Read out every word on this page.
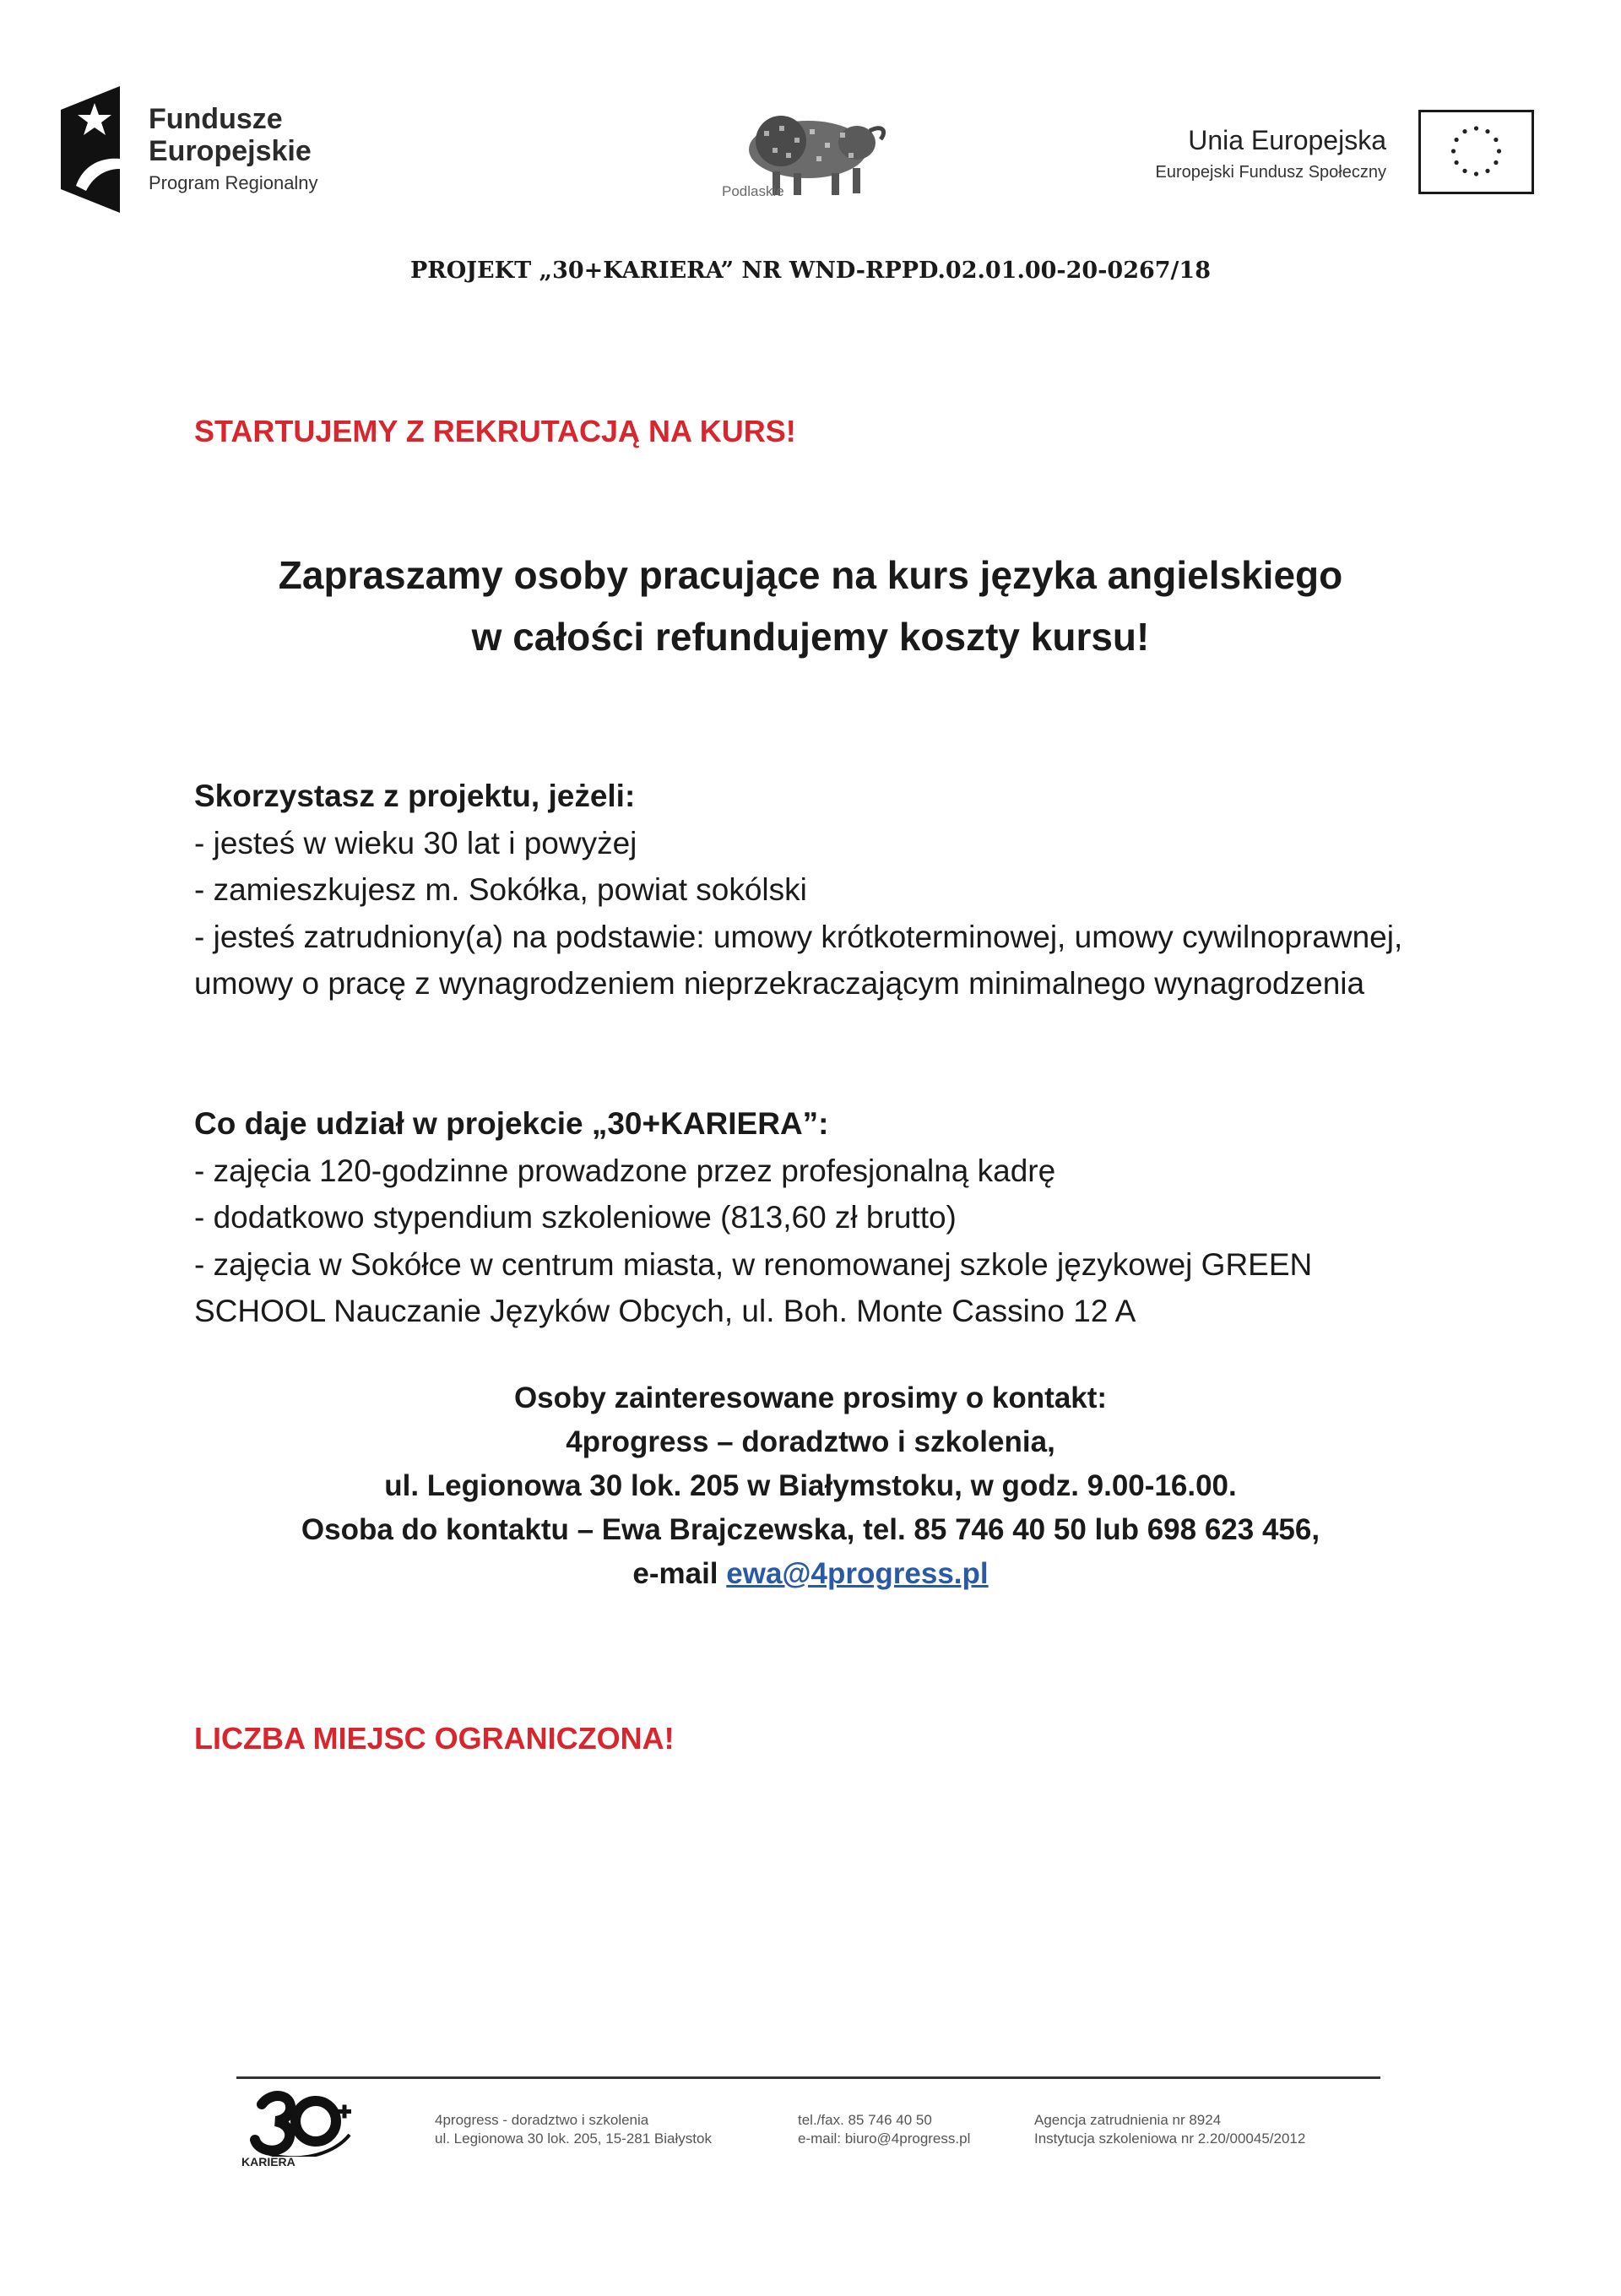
Fundusze
Europejskie
Program Regionalny	Podlaskie
Unia Europejska
Europejski Fundusz Społeczny
PROJEKT „30+KARIERA” NR WND-RPPD.02.01.00-20-0267/18
STARTUJEMY Z REKRUTACJĄ NA KURS!
Zapraszamy osoby pracujące na kurs języka angielskiego
w całości refundujemy koszty kursu!
Skorzystasz z projektu, jeżeli:

- jesteś w wieku 30 lat i powyżej

- zamieszkujesz m. Sokółka, powiat sokólski

- jesteś zatrudniony(a) na podstawie: umowy krótkoterminowej, umowy cywilnoprawnej, umowy o pracę z wynagrodzeniem nieprzekraczającym minimalnego wynagrodzenia

Co daje udział w projekcie „30+KARIERA”:

- zajęcia 120-godzinne prowadzone przez profesjonalną kadrę

- dodatkowo stypendium szkoleniowe (813,60 zł brutto)

- zajęcia w Sokółce w centrum miasta, w renomowanej szkole językowej GREEN SCHOOL Nauczanie Języków Obcych, ul. Boh. Monte Cassino 12 A

Osoby zainteresowane prosimy o kontakt:

4progress – doradztwo i szkolenia,

ul. Legionowa 30 lok. 205 w Białymstoku, w godz. 9.00-16.00.

Osoba do kontaktu – Ewa Brajczewska, tel. 85 746 40 50 lub 698 623 456,

e-mail ewa@4progress.pl

LICZBA MIEJSC OGRANICZONA!
KARIERA

4progress - doradztwo i szkolenia

ul. Legionowa 30 lok. 205, 15-281 Białystok

tel./fax. 85 746 40 50

e-mail: biuro@4progress.pl

Agencja zatrudnienia nr 8924

Instytucja szkoleniowa nr 2.20/00045/2012
